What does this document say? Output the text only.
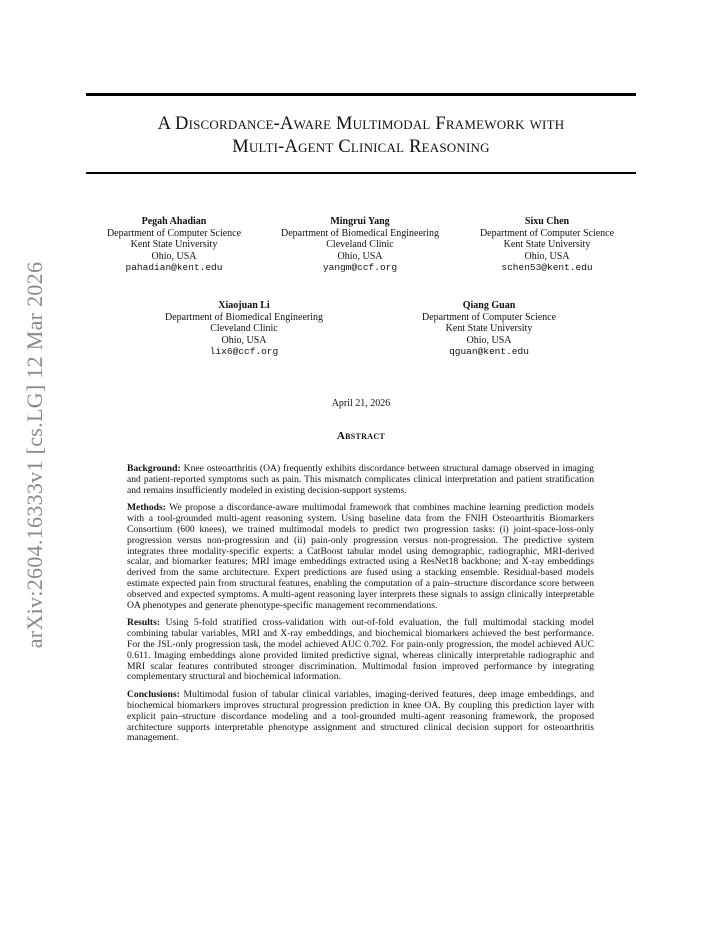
arXiv:2604.16333v1 [cs.LG] 12 Mar 2026
A Discordance-Aware Multimodal Framework with
Multi-Agent Clinical Reasoning
Pegah Ahadian
Department of Computer Science
Kent State University
Ohio, USA
pahadian@kent.edu
Mingrui Yang
Department of Biomedical Engineering
Cleveland Clinic
Ohio, USA
yangm@ccf.org
Sixu Chen
Department of Computer Science
Kent State University
Ohio, USA
schen53@kent.edu
Xiaojuan Li
Department of Biomedical Engineering
Cleveland Clinic
Ohio, USA
lix6@ccf.org
Qiang Guan
Department of Computer Science
Kent State University
Ohio, USA
qguan@kent.edu
April 21, 2026
Abstract

Background: Knee osteoarthritis (OA) frequently exhibits discordance between structural damage observed in imaging and patient-reported symptoms such as pain. This mismatch complicates clinical interpretation and patient stratification and remains insufficiently modeled in existing decision-support systems.

Methods: We propose a discordance-aware multimodal framework that combines machine learning prediction models with a tool-grounded multi-agent reasoning system. Using baseline data from the FNIH Osteoarthritis Biomarkers Consortium (600 knees), we trained multimodal models to predict two progression tasks: (i) joint-space-loss-only progression versus non-progression and (ii) pain-only progression versus non-progression. The predictive system integrates three modality-specific experts: a CatBoost tabular model using demographic, radiographic, MRI-derived scalar, and biomarker features; MRI image embeddings extracted using a ResNet18 backbone; and X-ray embeddings derived from the same architecture. Expert predictions are fused using a stacking ensemble. Residual-based models estimate expected pain from structural features, enabling the computation of a pain–structure discordance score between observed and expected symptoms. A multi-agent reasoning layer interprets these signals to assign clinically interpretable OA phenotypes and generate phenotype-specific management recommendations.

Results: Using 5-fold stratified cross-validation with out-of-fold evaluation, the full multimodal stacking model combining tabular variables, MRI and X-ray embeddings, and biochemical biomarkers achieved the best performance. For the JSL-only progression task, the model achieved AUC 0.702. For pain-only progression, the model achieved AUC 0.611. Imaging embeddings alone provided limited predictive signal, whereas clinically interpretable radiographic and MRI scalar features contributed stronger discrimination. Multimodal fusion improved performance by integrating complementary structural and biochemical information.

Conclusions: Multimodal fusion of tabular clinical variables, imaging-derived features, deep image embeddings, and biochemical biomarkers improves structural progression prediction in knee OA. By coupling this prediction layer with explicit pain–structure discordance modeling and a tool-grounded multi-agent reasoning framework, the proposed architecture supports interpretable phenotype assignment and structured clinical decision support for osteoarthritis management.
